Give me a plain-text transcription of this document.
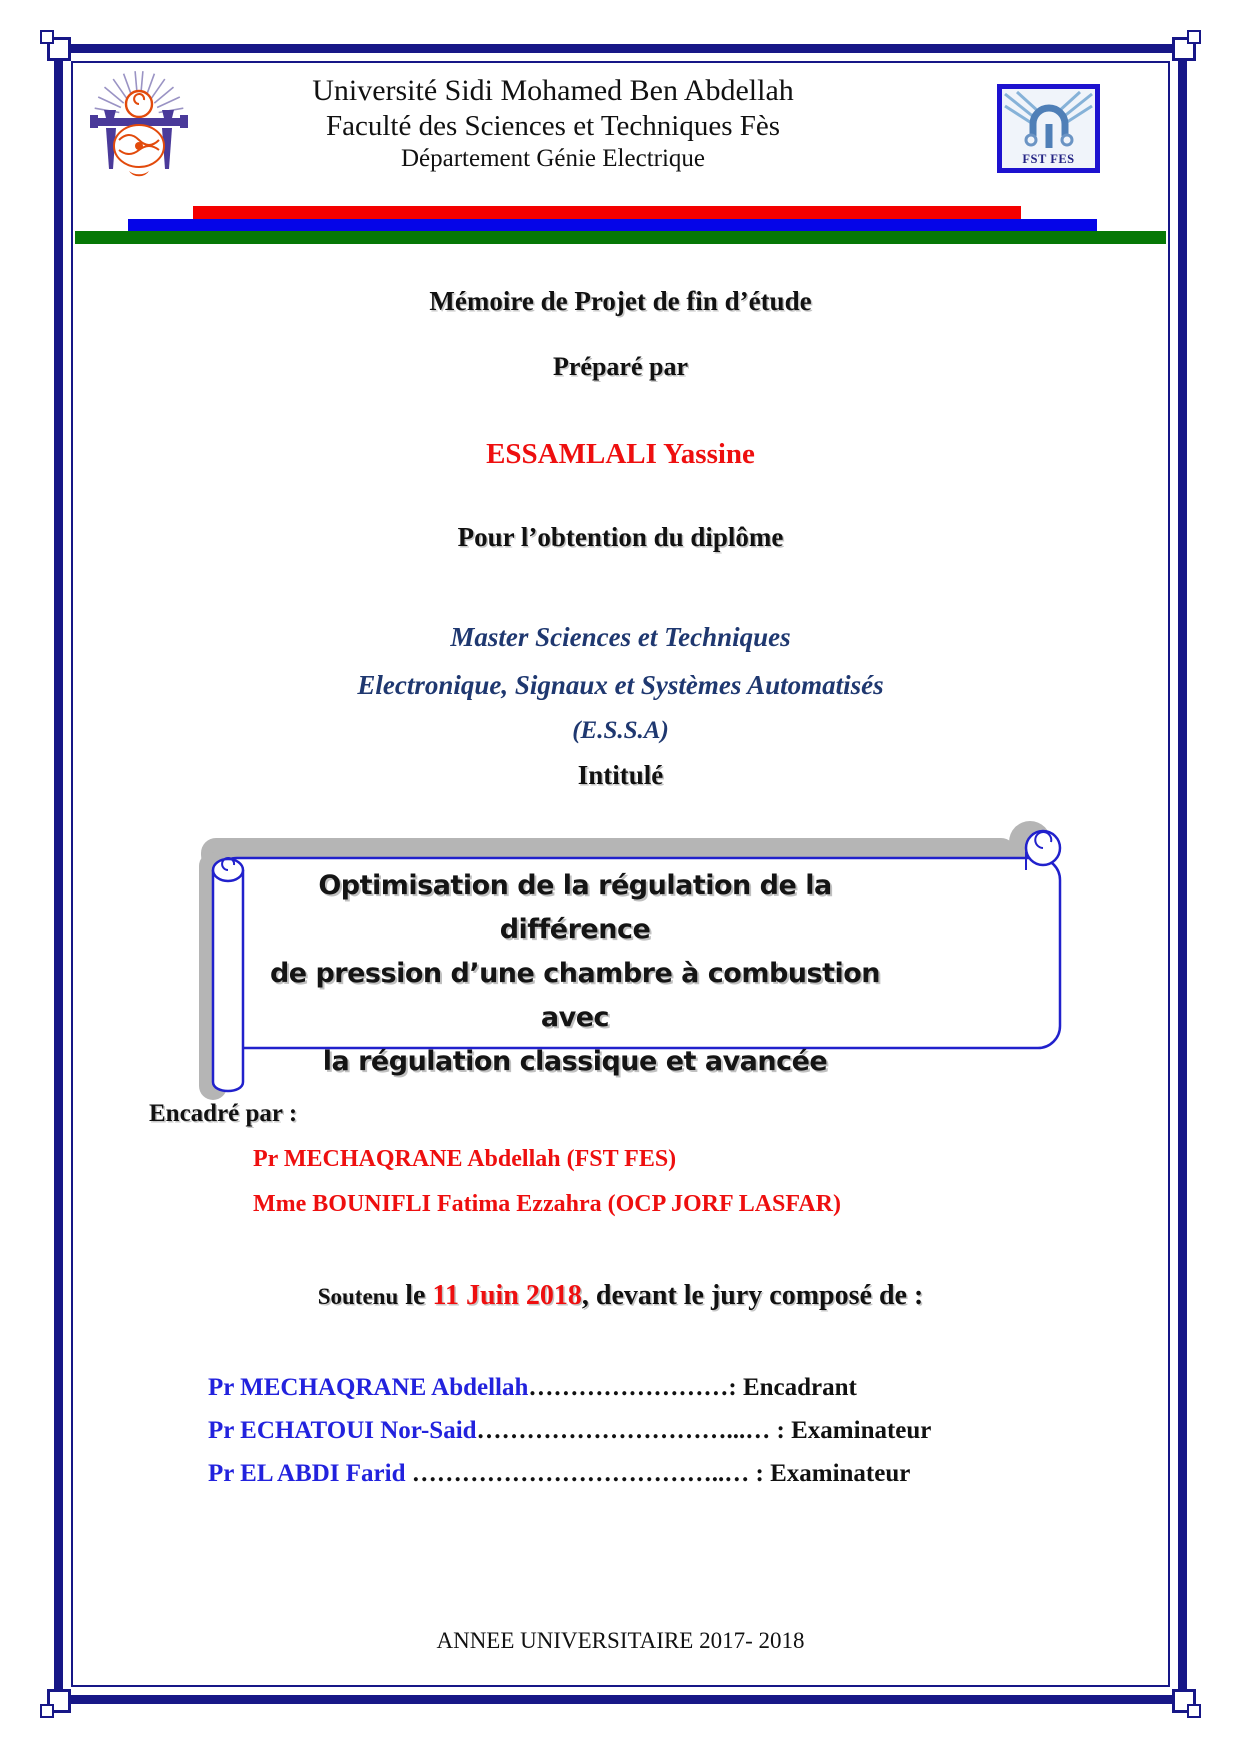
Université Sidi Mohamed Ben Abdellah
Faculté des Sciences et Techniques Fès
Département Génie Electrique	FST FES
Mémoire de Projet de fin d’étude
Préparé par
ESSAMLALI Yassine
Pour l’obtention du diplôme
Master Sciences et Techniques
Electronique, Signaux et Systèmes Automatisés
(E.S.S.A)
Intitulé
Optimisation de la régulation de la différence
de pression d’une chambre à combustion avec
la régulation classique et avancée
Encadré par :
Pr MECHAQRANE Abdellah (FST FES)
Mme BOUNIFLI Fatima Ezzahra (OCP JORF LASFAR)
Soutenu le 11 Juin 2018, devant le jury composé de :
Pr MECHAQRANE Abdellah……………………: Encadrant
Pr ECHATOUI Nor-Said…………………………...… : Examinateur
Pr EL ABDI Farid ………………………………..… : Examinateur
ANNEE UNIVERSITAIRE 2017- 2018
